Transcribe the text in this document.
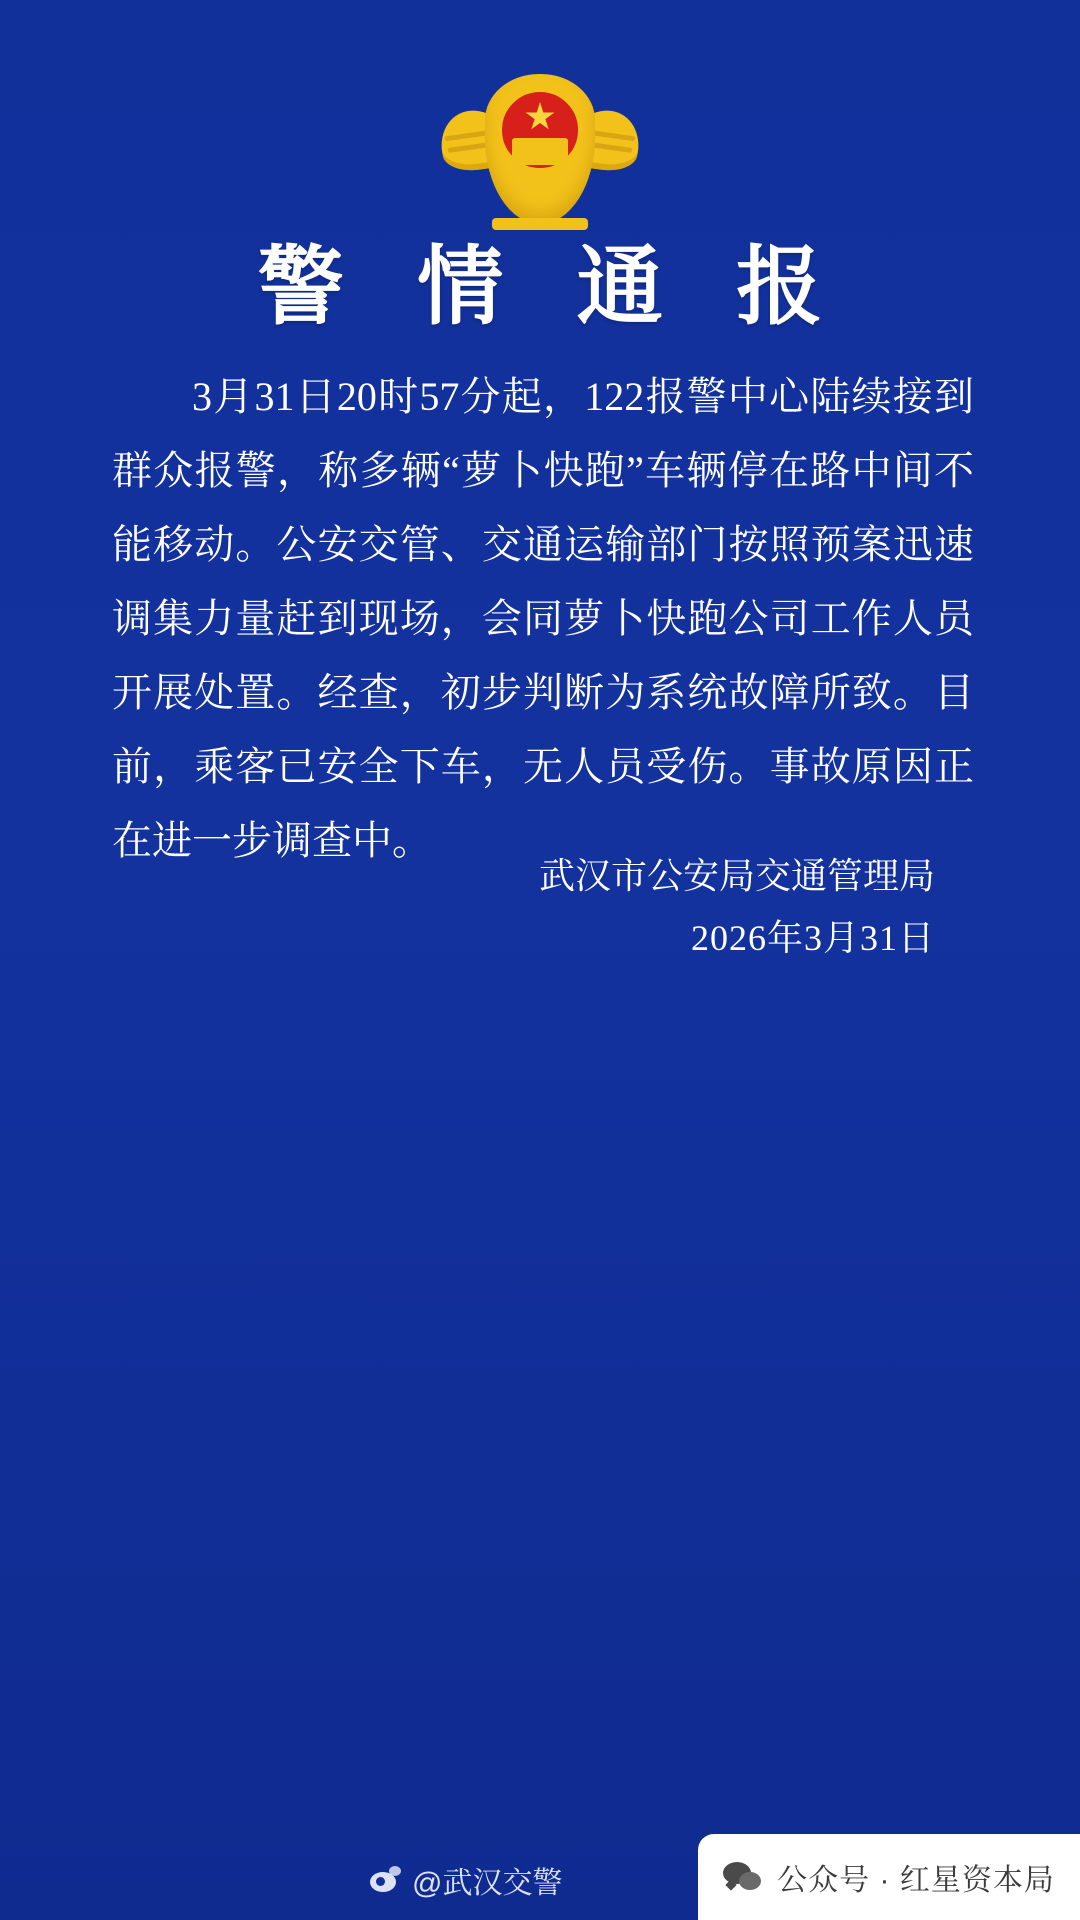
警 情 通 报

3月31日20时57分起，122报警中心陆续接到群众报警，称多辆“萝卜快跑”车辆停在路中间不能移动。公安交管、交通运输部门按照预案迅速调集力量赶到现场，会同萝卜快跑公司工作人员开展处置。经查，初步判断为系统故障所致。目前，乘客已安全下车，无人员受伤。事故原因正在进一步调查中。

武汉市公安局交通管理局
2026年3月31日
@武汉交警	公众号 · 红星资本局
